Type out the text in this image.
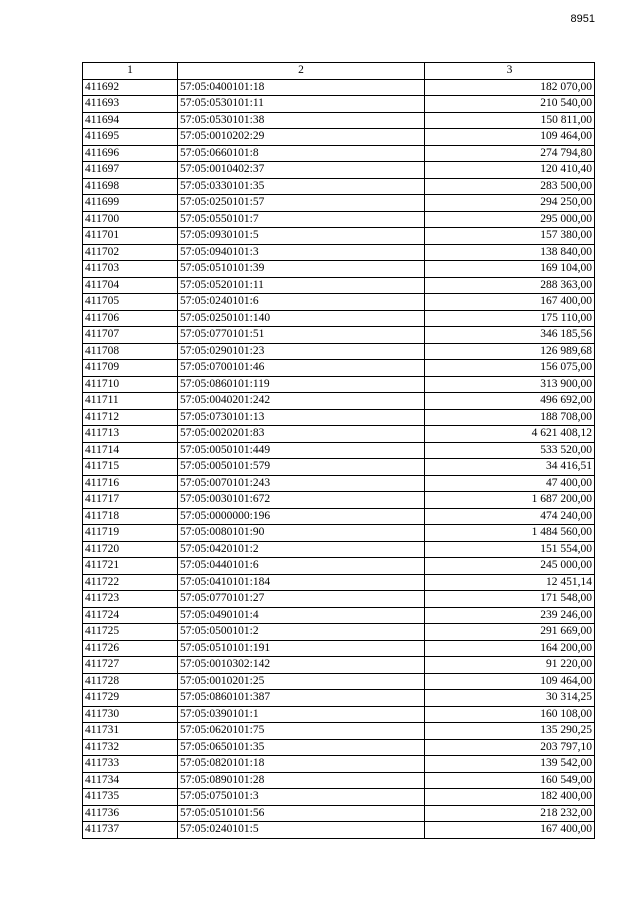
8951
1	2	3
411692	57:05:0400101:18	182 070,00
411693	57:05:0530101:11	210 540,00
411694	57:05:0530101:38	150 811,00
411695	57:05:0010202:29	109 464,00
411696	57:05:0660101:8	274 794,80
411697	57:05:0010402:37	120 410,40
411698	57:05:0330101:35	283 500,00
411699	57:05:0250101:57	294 250,00
411700	57:05:0550101:7	295 000,00
411701	57:05:0930101:5	157 380,00
411702	57:05:0940101:3	138 840,00
411703	57:05:0510101:39	169 104,00
411704	57:05:0520101:11	288 363,00
411705	57:05:0240101:6	167 400,00
411706	57:05:0250101:140	175 110,00
411707	57:05:0770101:51	346 185,56
411708	57:05:0290101:23	126 989,68
411709	57:05:0700101:46	156 075,00
411710	57:05:0860101:119	313 900,00
411711	57:05:0040201:242	496 692,00
411712	57:05:0730101:13	188 708,00
411713	57:05:0020201:83	4 621 408,12
411714	57:05:0050101:449	533 520,00
411715	57:05:0050101:579	34 416,51
411716	57:05:0070101:243	47 400,00
411717	57:05:0030101:672	1 687 200,00
411718	57:05:0000000:196	474 240,00
411719	57:05:0080101:90	1 484 560,00
411720	57:05:0420101:2	151 554,00
411721	57:05:0440101:6	245 000,00
411722	57:05:0410101:184	12 451,14
411723	57:05:0770101:27	171 548,00
411724	57:05:0490101:4	239 246,00
411725	57:05:0500101:2	291 669,00
411726	57:05:0510101:191	164 200,00
411727	57:05:0010302:142	91 220,00
411728	57:05:0010201:25	109 464,00
411729	57:05:0860101:387	30 314,25
411730	57:05:0390101:1	160 108,00
411731	57:05:0620101:75	135 290,25
411732	57:05:0650101:35	203 797,10
411733	57:05:0820101:18	139 542,00
411734	57:05:0890101:28	160 549,00
411735	57:05:0750101:3	182 400,00
411736	57:05:0510101:56	218 232,00
411737	57:05:0240101:5	167 400,00
